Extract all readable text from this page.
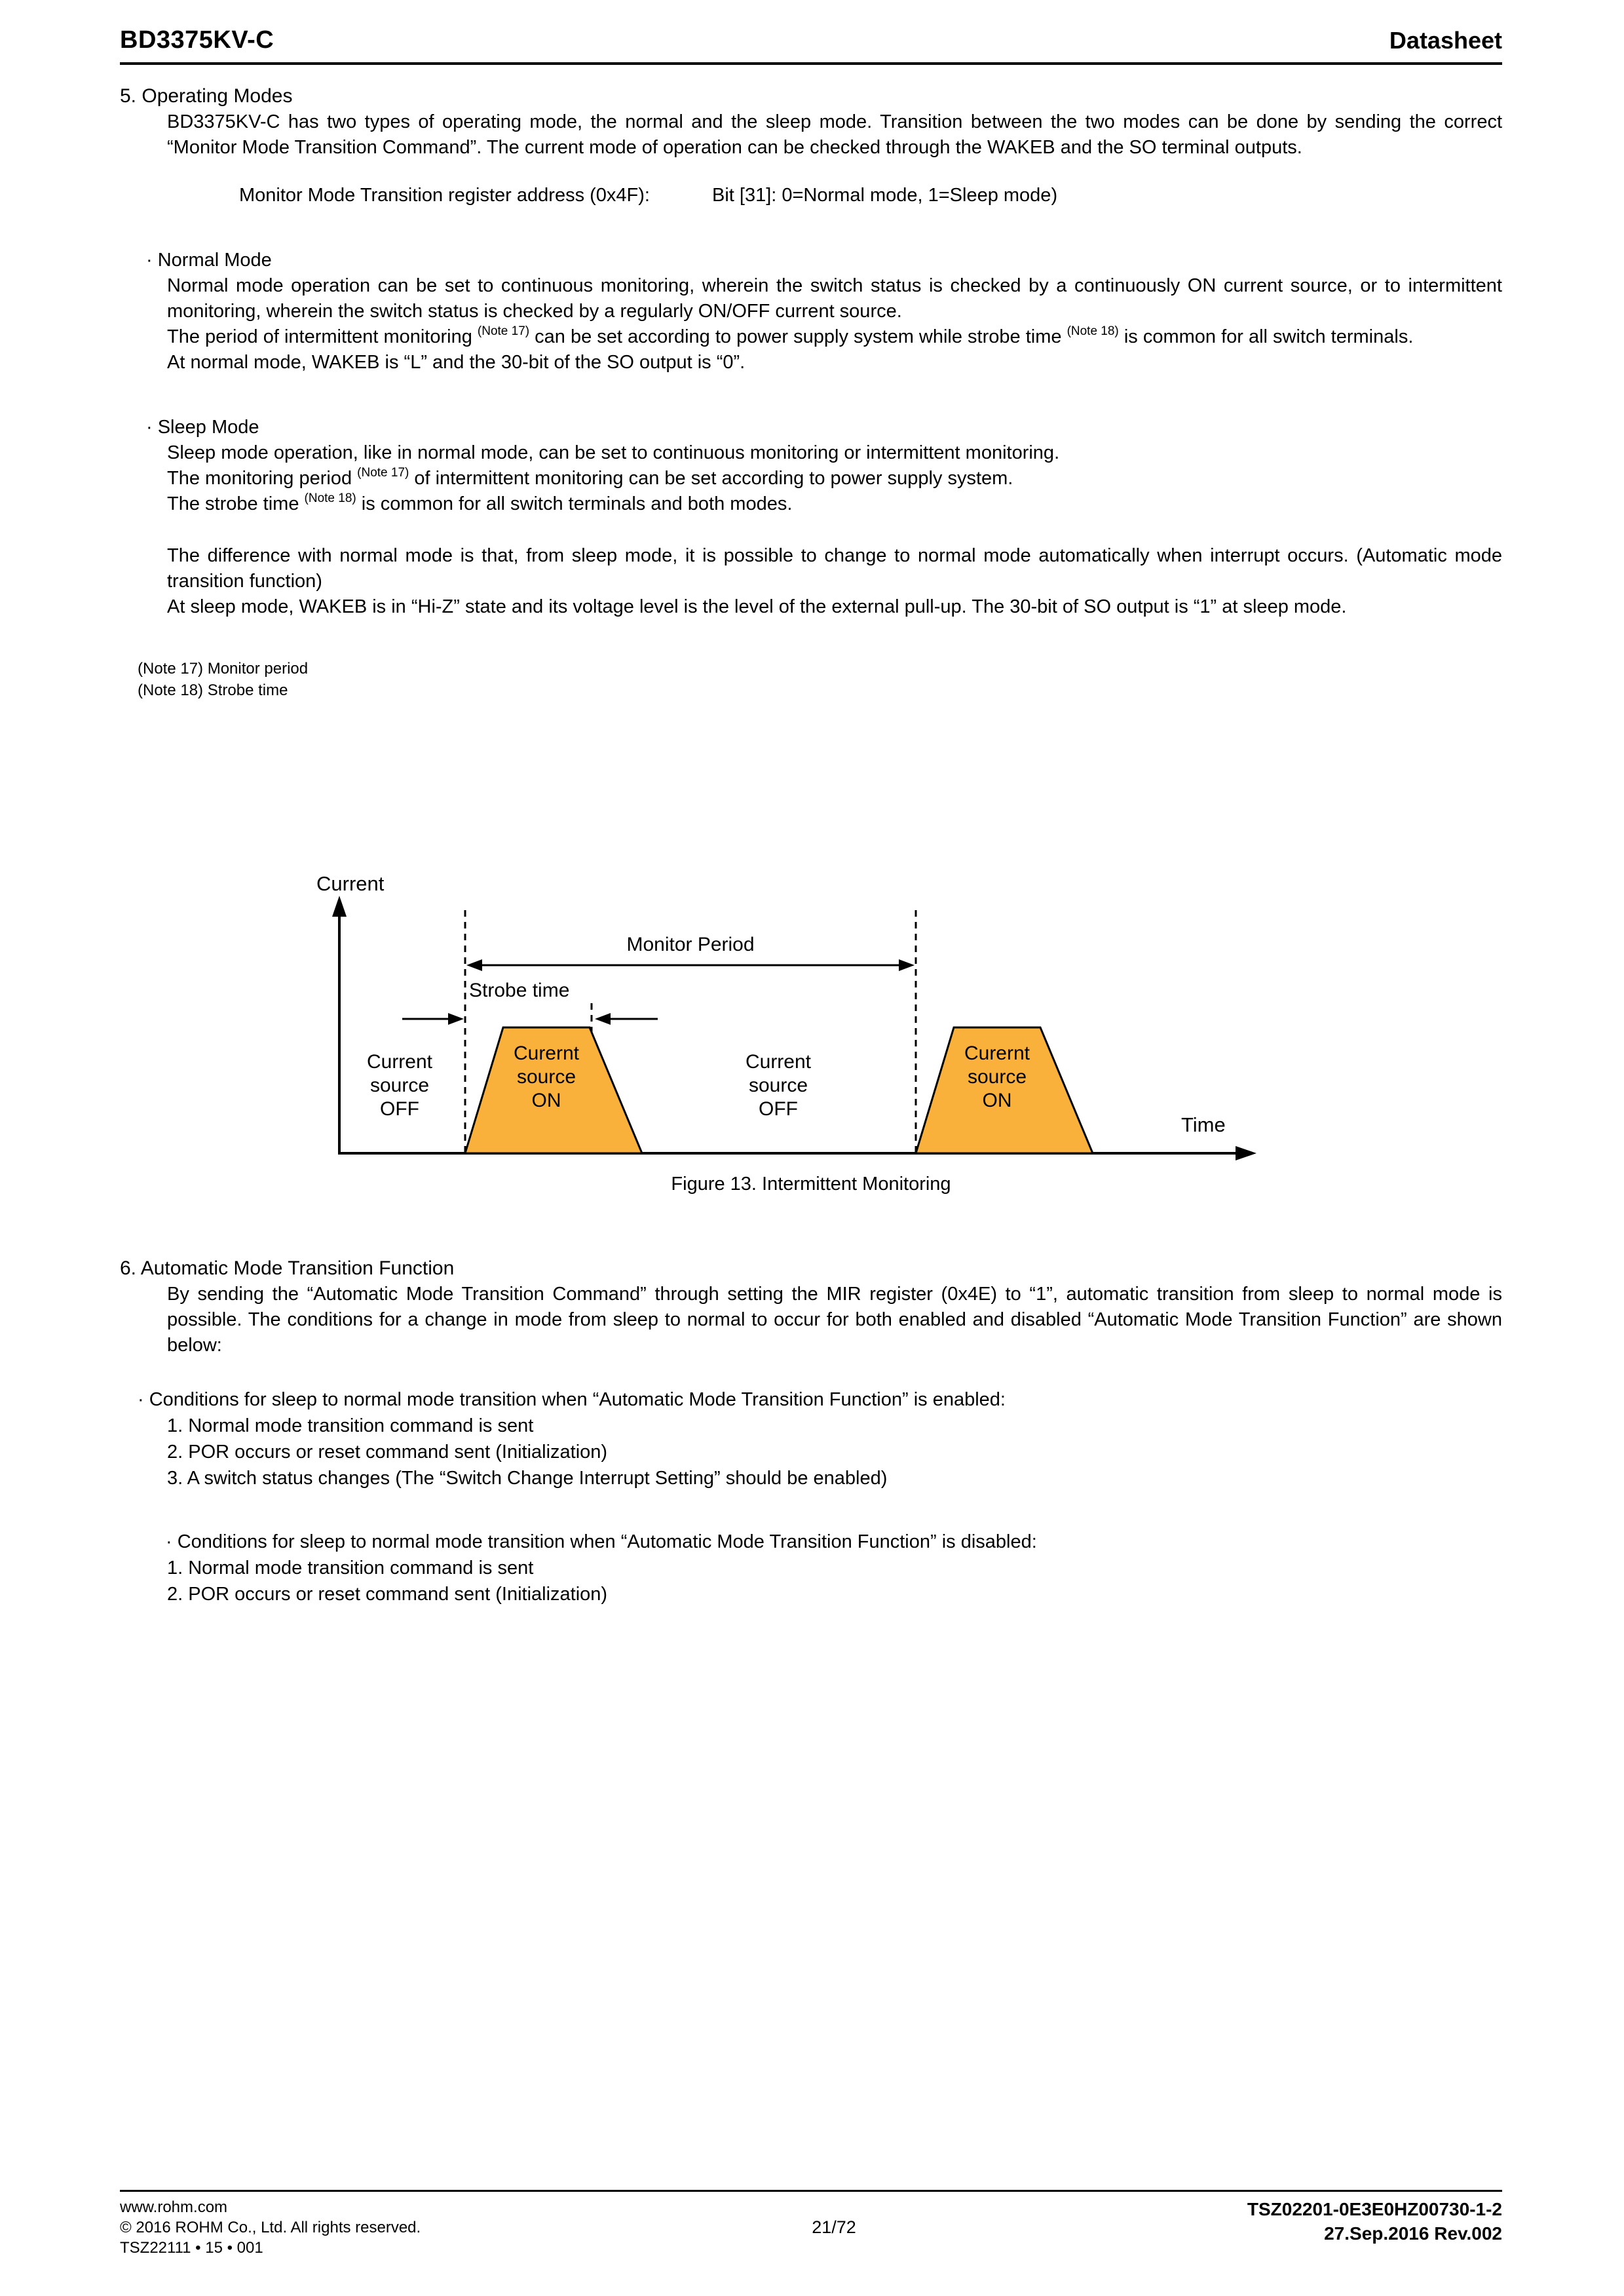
BD3375KV-C	Datasheet
5. Operating Modes

BD3375KV-C has two types of operating mode, the normal and the sleep mode. Transition between the two modes can be done by sending the correct “Monitor Mode Transition Command”. The current mode of operation can be checked through the WAKEB and the SO terminal outputs.

Monitor Mode Transition register address (0x4F):	Bit [31]: 0=Normal mode, 1=Sleep mode)
· Normal Mode

Normal mode operation can be set to continuous monitoring, wherein the switch status is checked by a continuously ON current source, or to intermittent monitoring, wherein the switch status is checked by a regularly ON/OFF current source.

The period of intermittent monitoring $^{(Note 17)}$ can be set according to power supply system while strobe time $^{(Note 18)}$ is common for all switch terminals.

At normal mode, WAKEB is “L” and the 30-bit of the SO output is “0”.

· Sleep Mode

Sleep mode operation, like in normal mode, can be set to continuous monitoring or intermittent monitoring.

The monitoring period $^{(Note 17)}$ of intermittent monitoring can be set according to power supply system.

The strobe time $^{(Note 18)}$ is common for all switch terminals and both modes.

The difference with normal mode is that, from sleep mode, it is possible to change to normal mode automatically when interrupt occurs. (Automatic mode transition function)

At sleep mode, WAKEB is in “Hi-Z” state and its voltage level is the level of the external pull-up. The 30-bit of SO output is “1” at sleep mode.

(Note 17) Monitor period
(Note 18) Strobe time
Current
Monitor Period
Strobe time
Curernt
source
ON
Curernt
source
ON
Current
source
OFF
Current
source
OFF
Time
Figure 13. Intermittent Monitoring
6. Automatic Mode Transition Function

By sending the “Automatic Mode Transition Command” through setting the MIR register (0x4E) to “1”, automatic transition from sleep to normal mode is possible. The conditions for a change in mode from sleep to normal to occur for both enabled and disabled “Automatic Mode Transition Function” are shown below:

· Conditions for sleep to normal mode transition when “Automatic Mode Transition Function” is enabled:
1. Normal mode transition command is sent
2. POR occurs or reset command sent (Initialization)
3. A switch status changes (The “Switch Change Interrupt Setting” should be enabled)
· Conditions for sleep to normal mode transition when “Automatic Mode Transition Function” is disabled:
1. Normal mode transition command is sent
2. POR occurs or reset command sent (Initialization)
www.rohm.com
© 2016 ROHM Co., Ltd. All rights reserved.
TSZ22111 • 15 • 001
21/72
TSZ02201-0E3E0HZ00730-1-2
27.Sep.2016 Rev.002
